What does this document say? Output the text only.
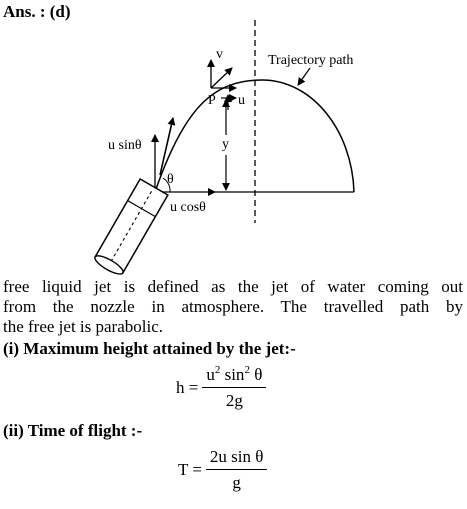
Ans. : (d)
Trajectory path
v
P u
y
u sinθ
θ
u cosθ
free liquid jet is defined as the jet of water coming out
from the nozzle in atmosphere. The travelled path by
the free jet is parabolic.
(i) Maximum height attained by the jet:-
$h = \frac{u^2 \sin^2 \theta}{2g}$
(ii) Time of flight :-
$T = \frac{\text{2u sin θ}}{g}$
